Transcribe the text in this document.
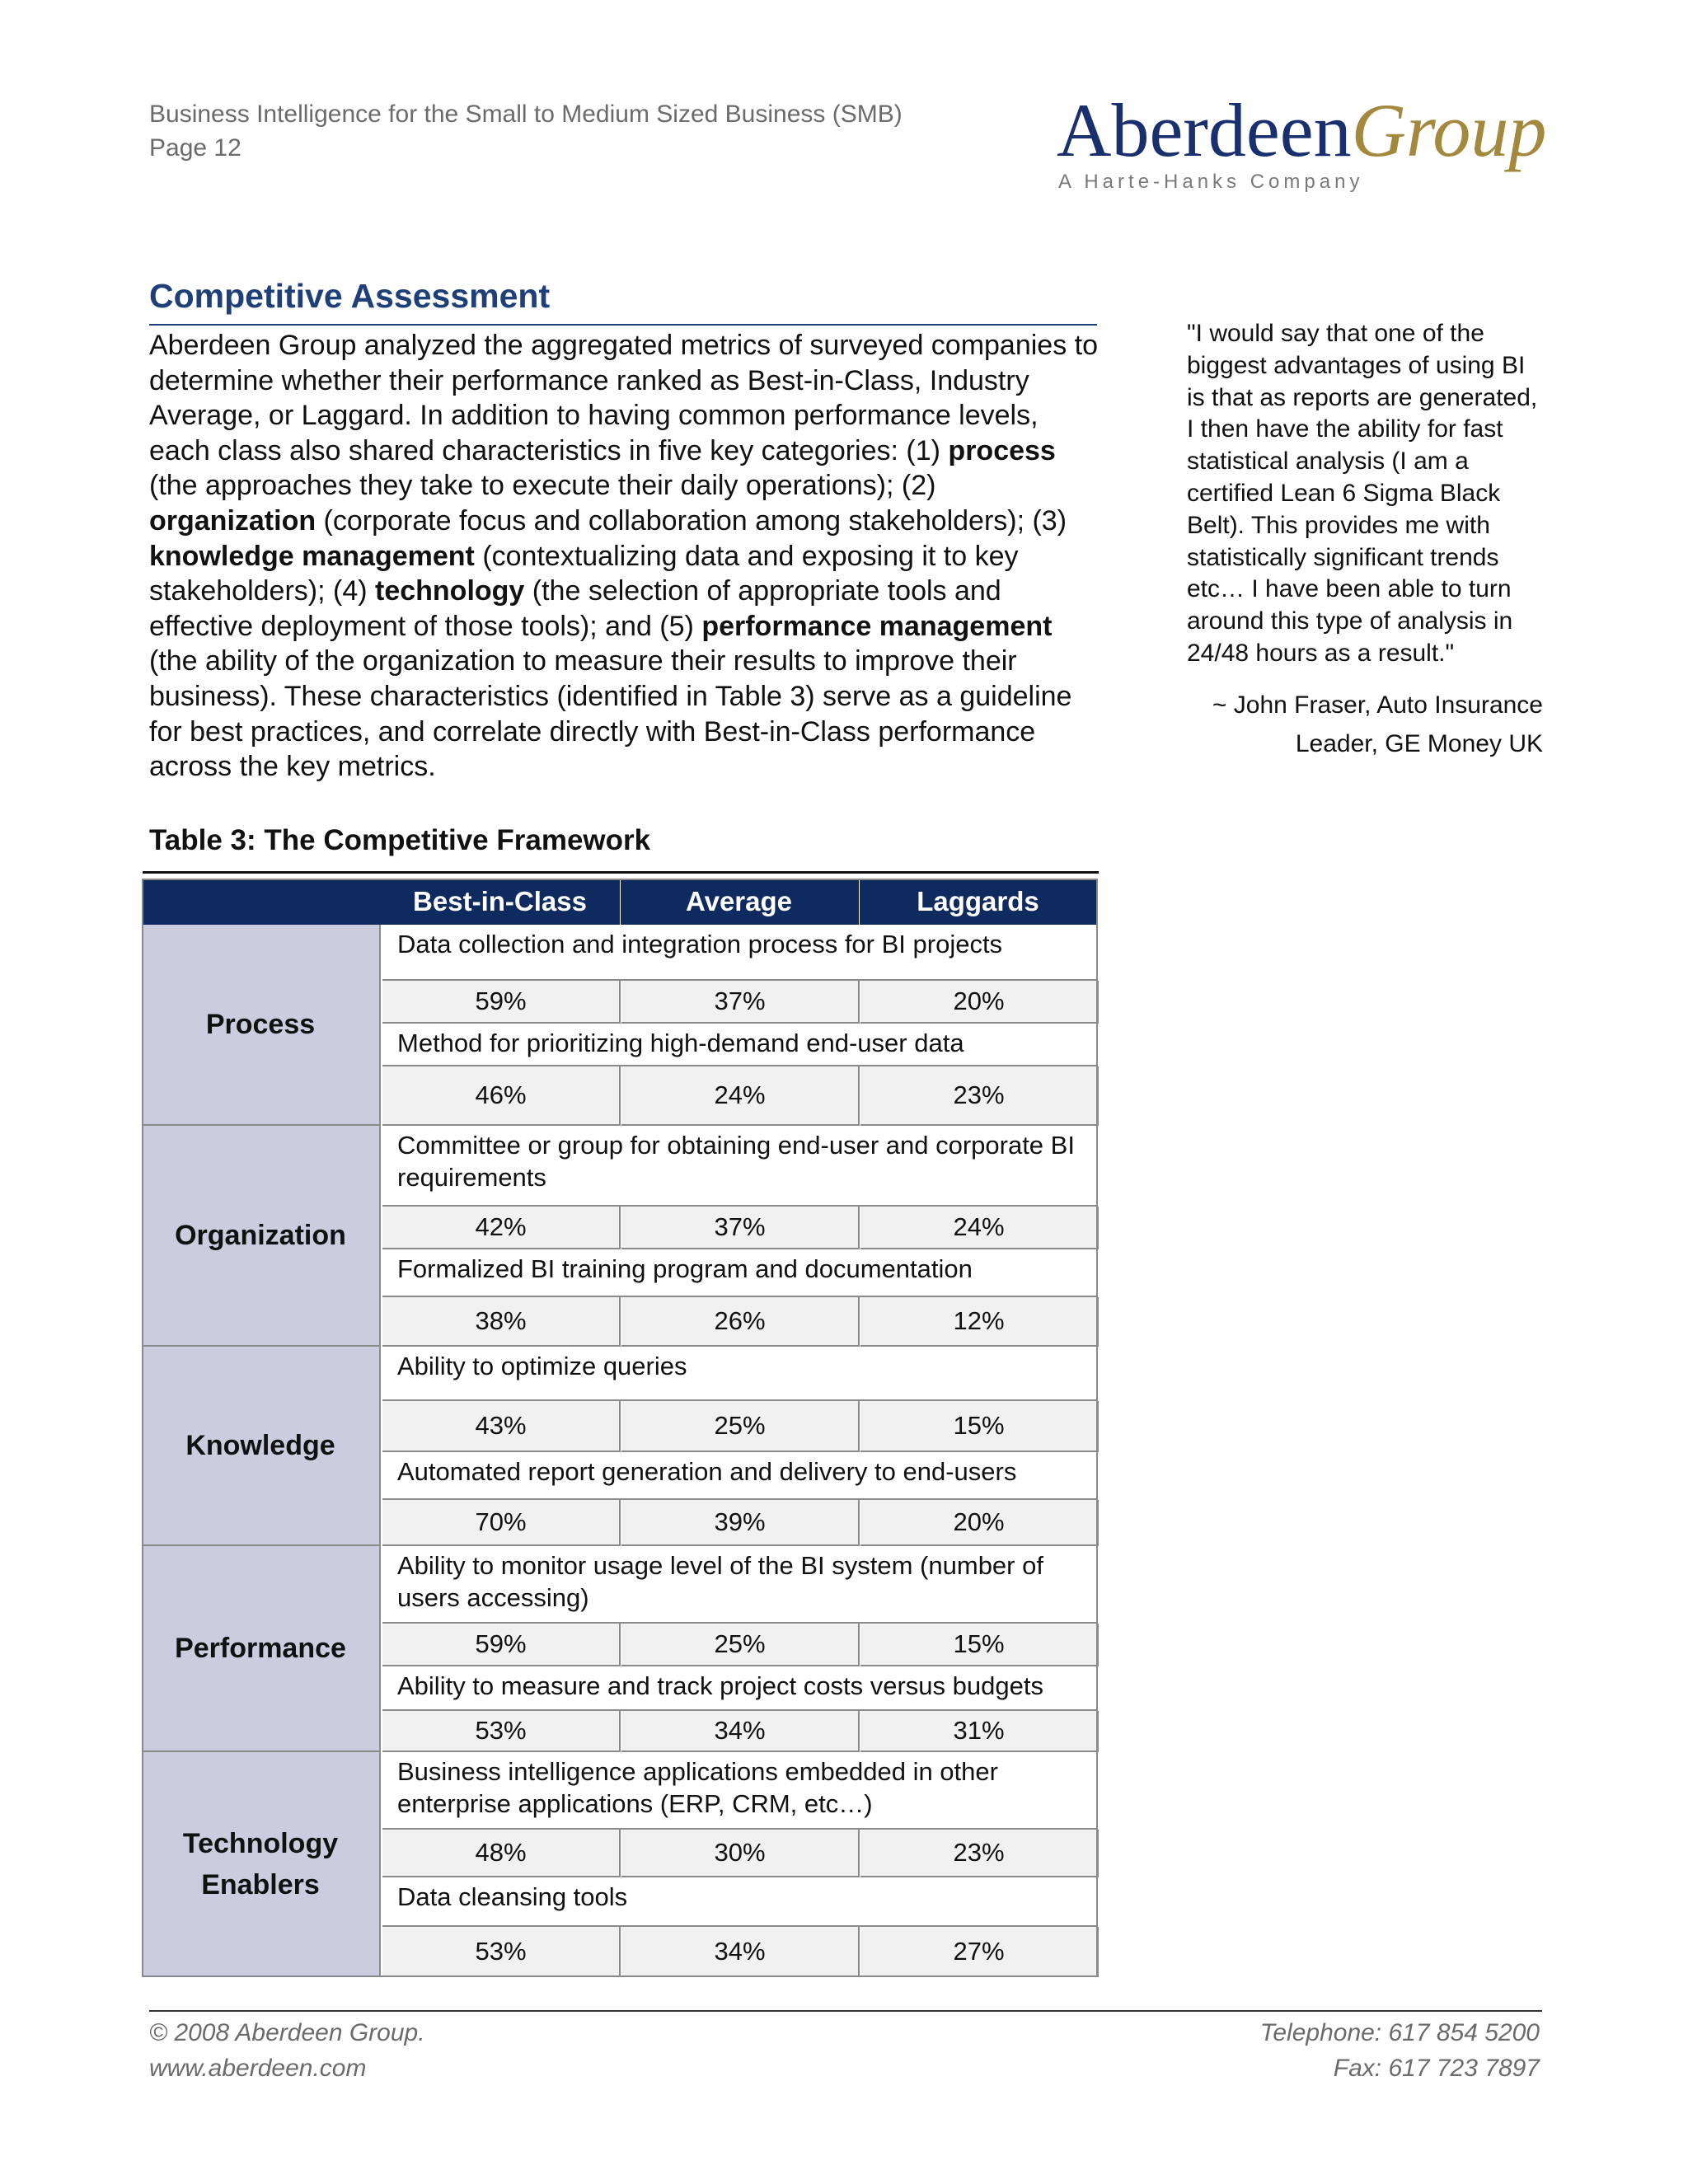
Business Intelligence for the Small to Medium Sized Business (SMB)
Page 12	AberdeenGroup
A Harte-Hanks Company
Competitive Assessment
Aberdeen Group analyzed the aggregated metrics of surveyed companies to determine whether their performance ranked as Best-in-Class, Industry Average, or Laggard. In addition to having common performance levels, each class also shared characteristics in five key categories: (1) process (the approaches they take to execute their daily operations); (2) organization (corporate focus and collaboration among stakeholders); (3) knowledge management (contextualizing data and exposing it to key stakeholders); (4) technology (the selection of appropriate tools and effective deployment of those tools); and (5) performance management (the ability of the organization to measure their results to improve their business). These characteristics (identified in Table 3) serve as a guideline for best practices, and correlate directly with Best-in-Class performance across the key metrics.
"I would say that one of the biggest advantages of using BI is that as reports are generated, I then have the ability for fast statistical analysis (I am a certified Lean 6 Sigma Black Belt). This provides me with statistically significant trends etc… I have been able to turn around this type of analysis in 24/48 hours as a result."
~ John Fraser, Auto Insurance
Leader, GE Money UK
Table 3: The Competitive Framework
Best-in-Class	Average	Laggards
Process
Data collection and integration process for BI projects
59%	37%	20%
Method for prioritizing high-demand end-user data
46%	24%	23%
Organization
Committee or group for obtaining end-user and corporate BI requirements
42%	37%	24%
Formalized BI training program and documentation
38%	26%	12%
Knowledge
Ability to optimize queries
43%	25%	15%
Automated report generation and delivery to end-users
70%	39%	20%
Performance
Ability to monitor usage level of the BI system (number of users accessing)
59%	25%	15%
Ability to measure and track project costs versus budgets
53%	34%	31%
Technology Enablers
Business intelligence applications embedded in other enterprise applications (ERP, CRM, etc…)
48%	30%	23%
Data cleansing tools
53%	34%	27%
© 2008 Aberdeen Group.
www.aberdeen.com
Telephone: 617 854 5200
Fax: 617 723 7897
